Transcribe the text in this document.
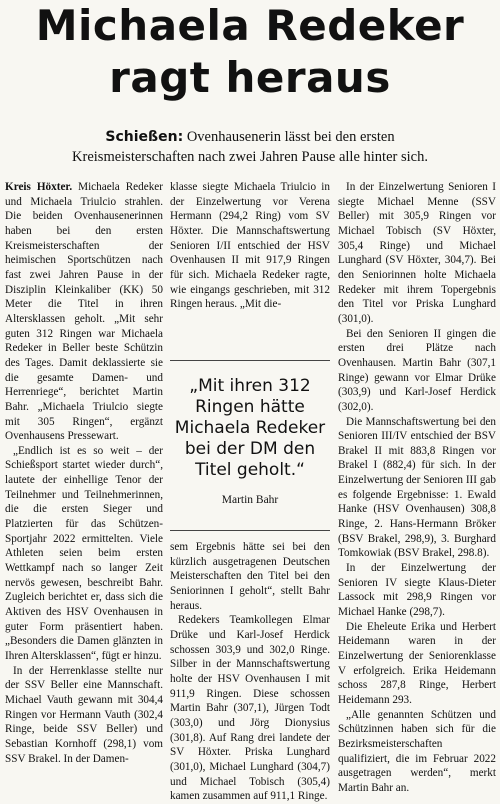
Michaela Redeker
ragt heraus
Schießen: Ovenhausenerin lässt bei den ersten
Kreismeisterschaften nach zwei Jahren Pause alle hinter sich.

Kreis Höxter. Michaela Redeker und Michaela Triulcio strahlen. Die beiden Ovenhausenerinnen haben bei den ersten Kreismeisterschaften der heimischen Sportschützen nach fast zwei Jahren Pause in der Disziplin Kleinkaliber (KK) 50 Meter die Titel in ihren Altersklassen geholt. „Mit sehr guten 312 Ringen war Michaela Redeker in Beller beste Schützin des Tages. Damit deklassierte sie die gesamte Damen- und Herrenriege“, berichtet Martin Bahr. „Michaela Triulcio siegte mit 305 Ringen“, ergänzt Ovenhausens Pressewart.

„Endlich ist es so weit – der Schießsport startet wieder durch“, lautete der einhellige Tenor der Teilnehmer und Teilnehmerinnen, die die ersten Sieger und Platzierten für das Schützen-Sportjahr 2022 ermittelten. Viele Athleten seien beim ersten Wettkampf nach so langer Zeit nervös gewesen, beschreibt Bahr. Zugleich berichtet er, dass sich die Aktiven des HSV Ovenhausen in guter Form präsentiert haben. „Besonders die Damen glänzten in Ihren Altersklassen“, fügt er hinzu.

In der Herrenklasse stellte nur der SSV Beller eine Mannschaft. Michael Vauth gewann mit 304,4 Ringen vor Hermann Vauth (302,4 Ringe, beide SSV Beller) und Sebastian Kornhoff (298,1) vom SSV Brakel. In der Damen-

klasse siegte Michaela Triulcio in der Einzelwertung vor Verena Hermann (294,2 Ring) vom SV Höxter. Die Mannschaftswertung Senioren I/II entschied der HSV Ovenhausen II mit 917,9 Ringen für sich. Michaela Redeker ragte, wie eingangs geschrieben, mit 312 Ringen heraus. „Mit die-

„Mit ihren 312 Ringen hätte Michaela Redeker bei der DM den Titel geholt.“
Martin Bahr

sem Ergebnis hätte sei bei den kürzlich ausgetragenen Deutschen Meisterschaften den Titel bei den Seniorinnen I geholt“, stellt Bahr heraus.

Redekers Teamkollegen Elmar Drüke und Karl-Josef Herdick schossen 303,9 und 302,0 Ringe. Silber in der Mannschaftswertung holte der HSV Ovenhausen I mit 911,9 Ringen. Diese schossen Martin Bahr (307,1), Jürgen Todt (303,0) und Jörg Dionysius (301,8). Auf Rang drei landete der SV Höxter. Priska Lunghard (301,0), Michael Lunghard (304,7) und Michael Tobisch (305,4) kamen zusammen auf 911,1 Ringe.

In der Einzelwertung Senioren I siegte Michael Menne (SSV Beller) mit 305,9 Ringen vor Michael Tobisch (SV Höxter, 305,4 Ringe) und Michael Lunghard (SV Höxter, 304,7). Bei den Seniorinnen holte Michaela Redeker mit ihrem Topergebnis den Titel vor Priska Lunghard (301,0).

Bei den Senioren II gingen die ersten drei Plätze nach Ovenhausen. Martin Bahr (307,1 Ringe) gewann vor Elmar Drüke (303,9) und Karl-Josef Herdick (302,0).

Die Mannschaftswertung bei den Senioren III/IV entschied der BSV Brakel II mit 883,8 Ringen vor Brakel I (882,4) für sich. In der Einzelwertung der Senioren III gab es folgende Ergebnisse: 1. Ewald Hanke (HSV Ovenhausen) 308,8 Ringe, 2. Hans-Hermann Bröker (BSV Brakel, 298,9), 3. Burghard Tomkowiak (BSV Brakel, 298.8).

In der Einzelwertung der Senioren IV siegte Klaus-Dieter Lassock mit 298,9 Ringen vor Michael Hanke (298,7).

Die Eheleute Erika und Herbert Heidemann waren in der Einzelwertung der Seniorenklasse V erfolgreich. Erika Heidemann schoss 287,8 Ringe, Herbert Heidemann 293.

„Alle genannten Schützen und Schützinnen haben sich für die Bezirksmeisterschaften qualifiziert, die im Februar 2022 ausgetragen werden“, merkt Martin Bahr an.
